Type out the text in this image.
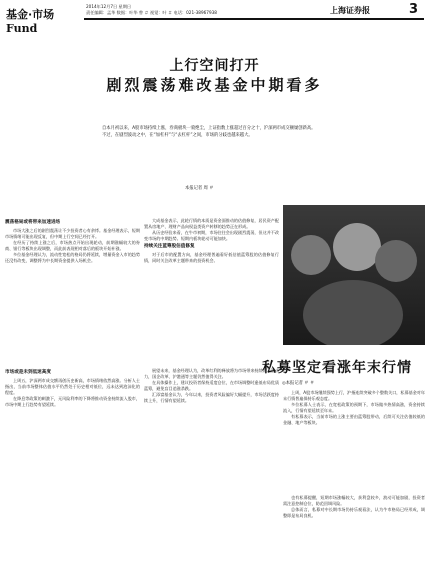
基金·市场
Fund
2014年12月7日 星期日
责任编辑：孟华 数据：叶华 曾 ＃ 视觉：叶 ＃ 电话：021-38967938	上海证券报	3
上行空间打开
剧烈震荡难改基金中期看多

自本月初以来，A股市场持续上涨，券商板块一骑绝尘，上证指数上涨超过百分之十，沪深两市成交额屡创新高。

不过，在剧烈波动之中，在“加杠杆”与“去杠杆”之间，市场的分歧也越来越大。

本报记者 周 ＃

震荡格局或将带来加速进场

市场大涨之后的剧烈震荡让不少投资者心有余悸。基金经理表示，短期市场情绪可能出现反复，但中期上行空间已经打开。

在经历了持续上涨之后，市场热点开始出现轮动，前期涨幅较大的券商、银行等板块出现调整，而此前表现相对落后的板块开始补涨。

多位基金经理认为，流动性宽松的格局仍将延续，增量资金入市的趋势还没有改变，调整将为中长期资金提供入场机会。

大成基金表示，此轮行情的本质是资金面推动的估值修复，居民资产配置从房地产、理财产品向权益类资产转移的趋势正在形成。

从历史经验来看，在牛市初期，市场往往会出现剧烈震荡，但这并不改变市场的中期趋势。短期内板块轮动可能加快。

持续关注蓝筹股估值修复

对于后市的配置方向，基金经理普遍看好低估值蓝筹股的估值修复行情，同时关注改革主题带来的投资机会。

市场或是未到低迷高度

上周五，沪深两市成交额再创历史新高，市场情绪依然高涨。分析人士指出，当前市场整体估值水平仍然处于历史相对低位，远未达到泡沫化的程度。

在降息等政策的刺激下，无风险利率的下降将推动资金持续流入股市，市场中期上行趋势有望延续。

展望未来，基金经理认为，改革红利的释放将为市场带来持续的上涨动力，国企改革、沪港通等主题仍然值得关注。

在具体操作上，建议投资者保持适度仓位，在市场调整时逢低布局优质蓝筹，避免盲目追涨杀跌。

汇添富基金认为，今年以来，投资者风险偏好大幅提升，市场活跃度持续上升，行情有望延续。

私募坚定看涨年末行情
◎本报记者 ＃ ＃

上周，A股市场继续强势上行，沪指连续突破多个整数关口，私募基金对年末行情普遍保持乐观态度。

多位私募人士表示，在宽松政策的预期下，市场做多热情高涨，资金持续流入，行情有望延续至年末。

有私募表示，当前市场的上涨主要由蓝筹股带动，后续可关注估值较低的金融、地产等板块。

也有私募提醒，短期市场涨幅较大，获利盘较多，波动可能加剧，投资者需注意控制仓位，防范回调风险。

总体而言，私募对中长期市场仍持乐观看法，认为牛市格局已经形成，调整即是布局良机。
